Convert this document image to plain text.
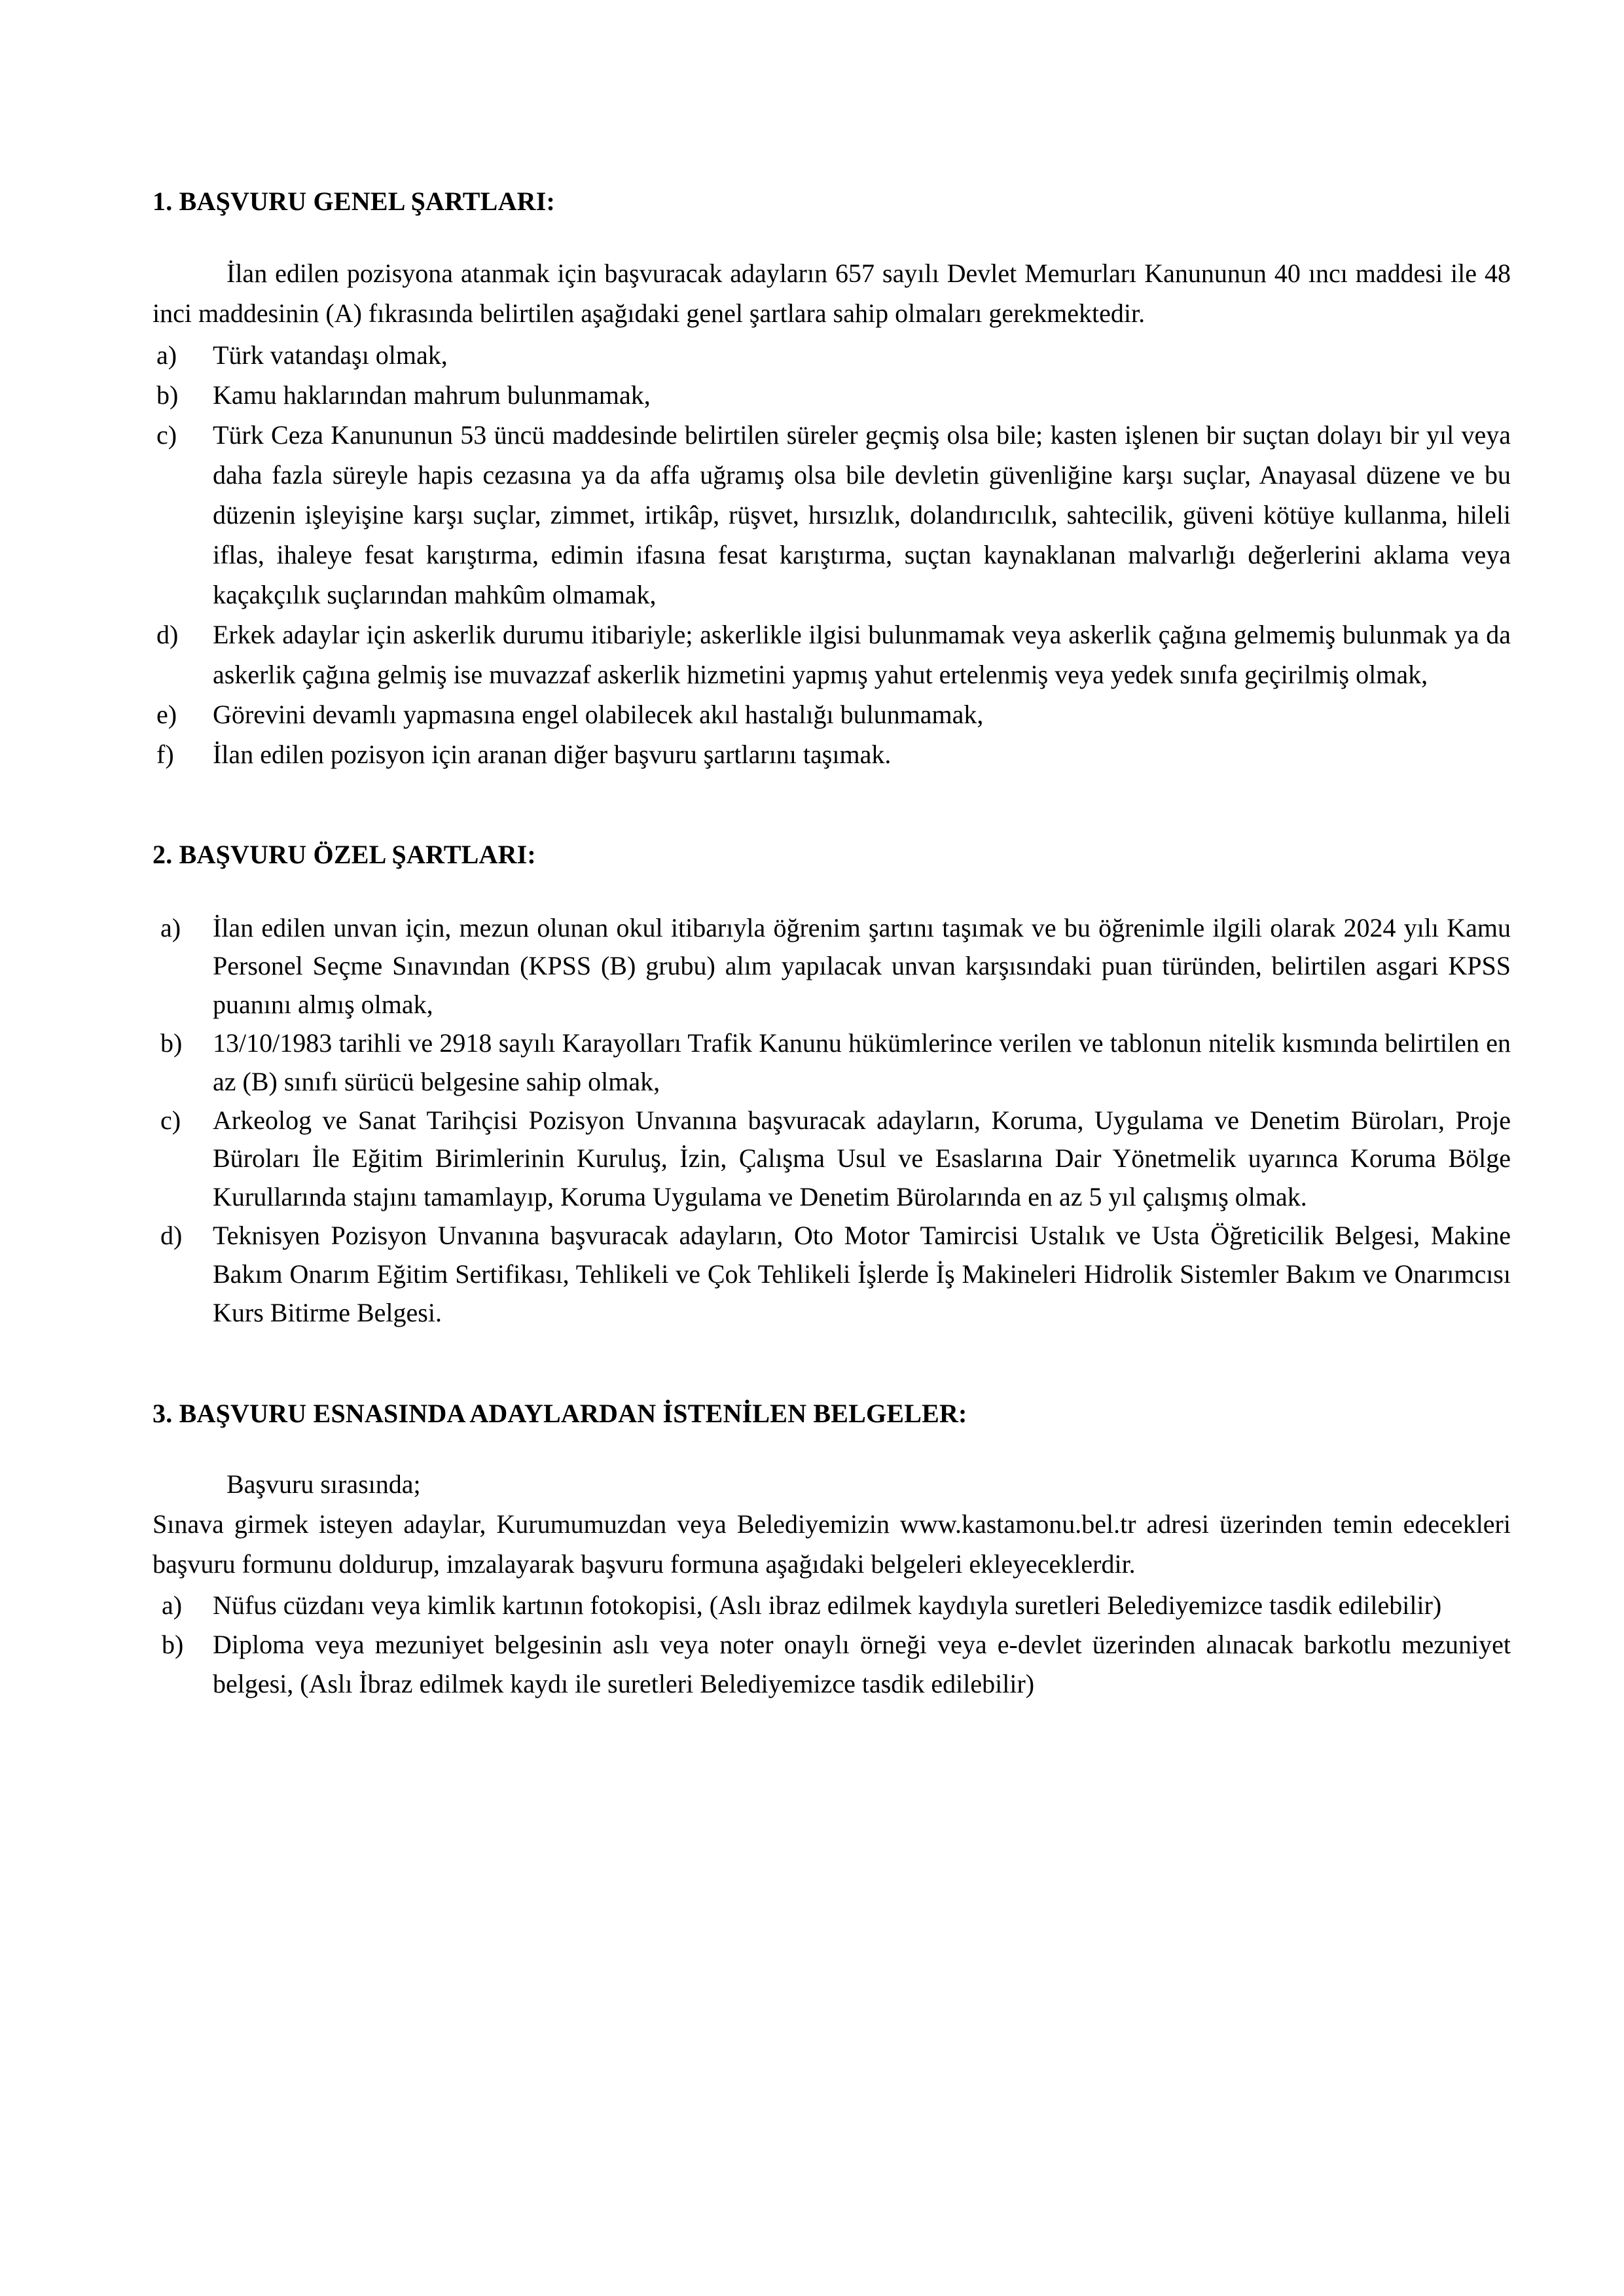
1. BAŞVURU GENEL ŞARTLARI:

İlan edilen pozisyona atanmak için başvuracak adayların 657 sayılı Devlet Memurları Kanununun 40 ıncı maddesi ile 48 inci maddesinin (A) fıkrasında belirtilen aşağıdaki genel şartlara sahip olmaları gerekmektedir.

a)	Türk vatandaşı olmak,
b)	Kamu haklarından mahrum bulunmamak,
c)	Türk Ceza Kanununun 53 üncü maddesinde belirtilen süreler geçmiş olsa bile; kasten işlenen bir suçtan dolayı bir yıl veya daha fazla süreyle hapis cezasına ya da affa uğramış olsa bile devletin güvenliğine karşı suçlar, Anayasal düzene ve bu düzenin işleyişine karşı suçlar, zimmet, irtikâp, rüşvet, hırsızlık, dolandırıcılık, sahtecilik, güveni kötüye kullanma, hileli iflas, ihaleye fesat karıştırma, edimin ifasına fesat karıştırma, suçtan kaynaklanan malvarlığı değerlerini aklama veya kaçakçılık suçlarından mahkûm olmamak,
d)	Erkek adaylar için askerlik durumu itibariyle; askerlikle ilgisi bulunmamak veya askerlik çağına gelmemiş bulunmak ya da askerlik çağına gelmiş ise muvazzaf askerlik hizmetini yapmış yahut ertelenmiş veya yedek sınıfa geçirilmiş olmak,
e)	Görevini devamlı yapmasına engel olabilecek akıl hastalığı bulunmamak,
f)	İlan edilen pozisyon için aranan diğer başvuru şartlarını taşımak.
2. BAŞVURU ÖZEL ŞARTLARI:
a)	İlan edilen unvan için, mezun olunan okul itibarıyla öğrenim şartını taşımak ve bu öğrenimle ilgili olarak 2024 yılı Kamu Personel Seçme Sınavından (KPSS (B) grubu) alım yapılacak unvan karşısındaki puan türünden, belirtilen asgari KPSS puanını almış olmak,
b)	13/10/1983 tarihli ve 2918 sayılı Karayolları Trafik Kanunu hükümlerince verilen ve tablonun nitelik kısmında belirtilen en az (B) sınıfı sürücü belgesine sahip olmak,
c)	Arkeolog ve Sanat Tarihçisi Pozisyon Unvanına başvuracak adayların, Koruma, Uygulama ve Denetim Büroları, Proje Büroları İle Eğitim Birimlerinin Kuruluş, İzin, Çalışma Usul ve Esaslarına Dair Yönetmelik uyarınca Koruma Bölge Kurullarında stajını tamamlayıp, Koruma Uygulama ve Denetim Bürolarında en az 5 yıl çalışmış olmak.
d)	Teknisyen Pozisyon Unvanına başvuracak adayların, Oto Motor Tamircisi Ustalık ve Usta Öğreticilik Belgesi, Makine Bakım Onarım Eğitim Sertifikası, Tehlikeli ve Çok Tehlikeli İşlerde İş Makineleri Hidrolik Sistemler Bakım ve Onarımcısı Kurs Bitirme Belgesi.
3. BAŞVURU ESNASINDA ADAYLARDAN İSTENİLEN BELGELER:

Başvuru sırasında;

Sınava girmek isteyen adaylar, Kurumumuzdan veya Belediyemizin www.kastamonu.bel.tr adresi üzerinden temin edecekleri başvuru formunu doldurup, imzalayarak başvuru formuna aşağıdaki belgeleri ekleyeceklerdir.

a)	Nüfus cüzdanı veya kimlik kartının fotokopisi, (Aslı ibraz edilmek kaydıyla suretleri Belediyemizce tasdik edilebilir)
b)	Diploma veya mezuniyet belgesinin aslı veya noter onaylı örneği veya e-devlet üzerinden alınacak barkotlu mezuniyet belgesi, (Aslı İbraz edilmek kaydı ile suretleri Belediyemizce tasdik edilebilir)
